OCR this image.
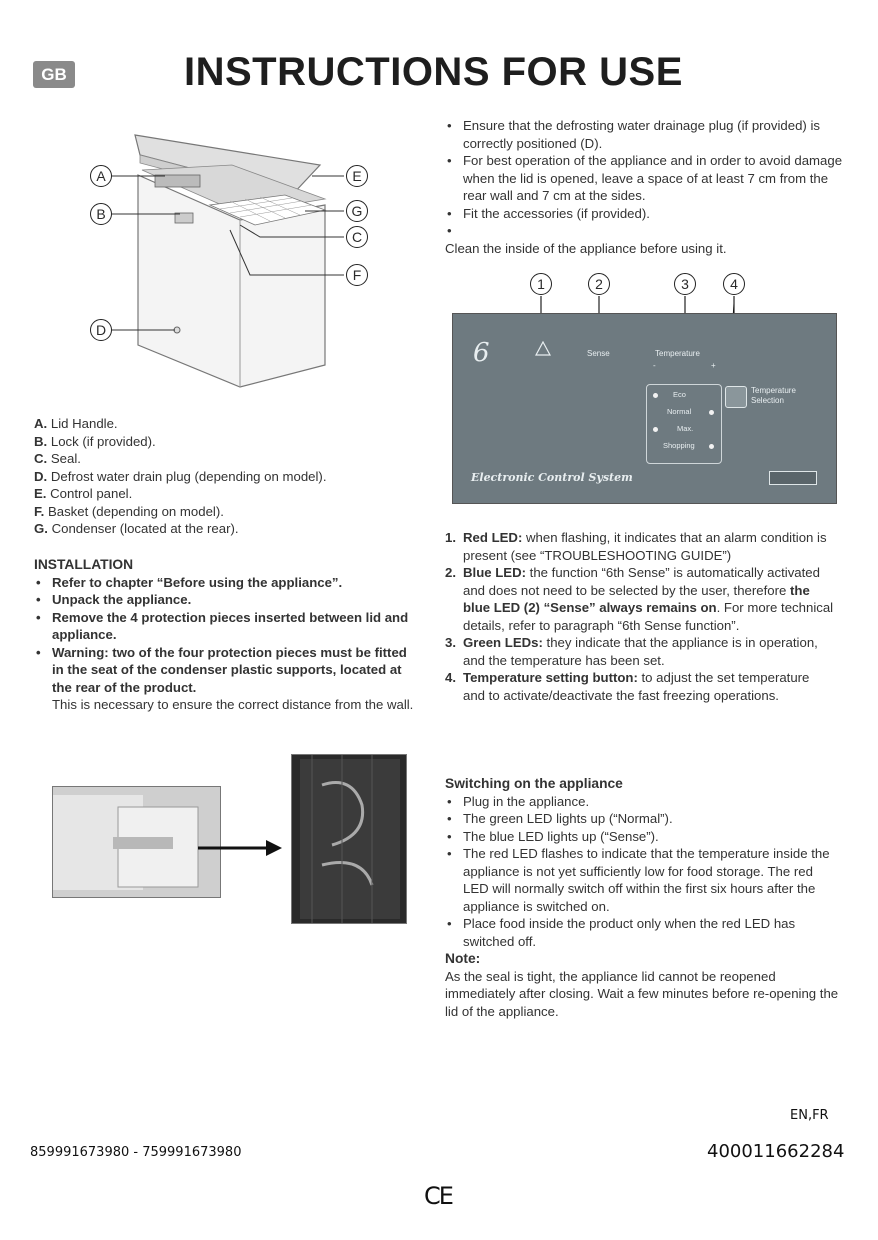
GB	INSTRUCTIONS FOR USE
A
B
D
E
G
C
F
A. Lid Handle.
B. Lock (if provided).
C. Seal.
D. Defrost water drain plug (depending on model).
E. Control panel.
F. Basket (depending on model).
G. Condenser (located at the rear).
INSTALLATION
• Refer to chapter “Before using the appliance”.
• Unpack the appliance.
• Remove the 4 protection pieces inserted between lid and appliance.
• Warning: two of the four protection pieces must be fitted in the seat of the condenser plastic supports, located at the rear of the product.
This is necessary to ensure the correct distance from the wall.
• Ensure that the defrosting water drainage plug (if provided) is correctly positioned (D).
• For best operation of the appliance and in order to avoid damage when the lid is opened, leave a space of at least 7 cm from the rear wall and 7 cm at the sides.
• Fit the accessories (if provided).
•
Clean the inside of the appliance before using it.
1	2	3	4
6	Sense	Temperature
-	+
Temperature Selection
Eco
Normal
Max.
Shopping
Electronic Control System
1. Red LED: when flashing, it indicates that an alarm condition is present (see “TROUBLESHOOTING GUIDE”)
2. Blue LED: the function “6th Sense” is automatically activated and does not need to be selected by the user, therefore the blue LED (2) “Sense” always remains on. For more technical details, refer to paragraph “6th Sense function”.
3. Green LEDs: they indicate that the appliance is in operation, and the temperature has been set.
4. Temperature setting button: to adjust the set temperature and to activate/deactivate the fast freezing operations.
Switching on the appliance
• Plug in the appliance.
• The green LED lights up (“Normal”).
• The blue LED lights up (“Sense”).
• The red LED flashes to indicate that the temperature inside the appliance is not yet sufficiently low for food storage. The red LED will normally switch off within the first six hours after the appliance is switched on.
• Place food inside the product only when the red LED has switched off.
Note:
As the seal is tight, the appliance lid cannot be reopened immediately after closing. Wait a few minutes before re-opening the lid of the appliance.
EN,FR
859991673980 - 759991673980	400011662284
CE
